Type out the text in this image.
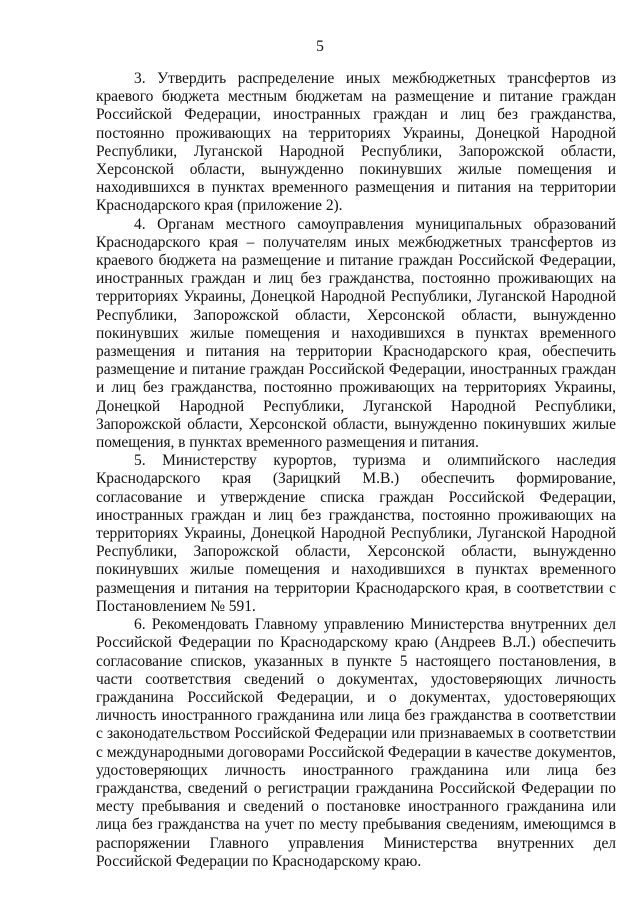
5

3. Утвердить распределение иных межбюджетных трансфертов из краевого бюджета местным бюджетам на размещение и питание граждан Российской Федерации, иностранных граждан и лиц без гражданства, постоянно проживающих на территориях Украины, Донецкой Народной Республики, Луганской Народной Республики, Запорожской области, Херсонской области, вынужденно покинувших жилые помещения и находившихся в пунктах временного размещения и питания на территории Краснодарского края (приложение 2).

4. Органам местного самоуправления муниципальных образований Краснодарского края – получателям иных межбюджетных трансфертов из краевого бюджета на размещение и питание граждан Российской Федерации, иностранных граждан и лиц без гражданства, постоянно проживающих на территориях Украины, Донецкой Народной Республики, Луганской Народной Республики, Запорожской области, Херсонской области, вынужденно покинувших жилые помещения и находившихся в пунктах временного размещения и питания на территории Краснодарского края, обеспечить размещение и питание граждан Российской Федерации, иностранных граждан и лиц без гражданства, постоянно проживающих на территориях Украины, Донецкой Народной Республики, Луганской Народной Республики, Запорожской области, Херсонской области, вынужденно покинувших жилые помещения, в пунктах временного размещения и питания.

5. Министерству курортов, туризма и олимпийского наследия Краснодарского края (Зарицкий М.В.) обеспечить формирование, согласование и утверждение списка граждан Российской Федерации, иностранных граждан и лиц без гражданства, постоянно проживающих на территориях Украины, Донецкой Народной Республики, Луганской Народной Республики, Запорожской области, Херсонской области, вынужденно покинувших жилые помещения и находившихся в пунктах временного размещения и питания на территории Краснодарского края, в соответствии с Постановлением № 591.

6. Рекомендовать Главному управлению Министерства внутренних дел Российской Федерации по Краснодарскому краю (Андреев В.Л.) обеспечить согласование списков, указанных в пункте 5 настоящего постановления, в части соответствия сведений о документах, удостоверяющих личность гражданина Российской Федерации, и о документах, удостоверяющих личность иностранного гражданина или лица без гражданства в соответствии с законодательством Российской Федерации или признаваемых в соответствии с международными договорами Российской Федерации в качестве документов, удостоверяющих личность иностранного гражданина или лица без гражданства, сведений о регистрации гражданина Российской Федерации по месту пребывания и сведений о постановке иностранного гражданина или лица без гражданства на учет по месту пребывания сведениям, имеющимся в распоряжении Главного управления Министерства внутренних дел Российской Федерации по Краснодарскому краю.
